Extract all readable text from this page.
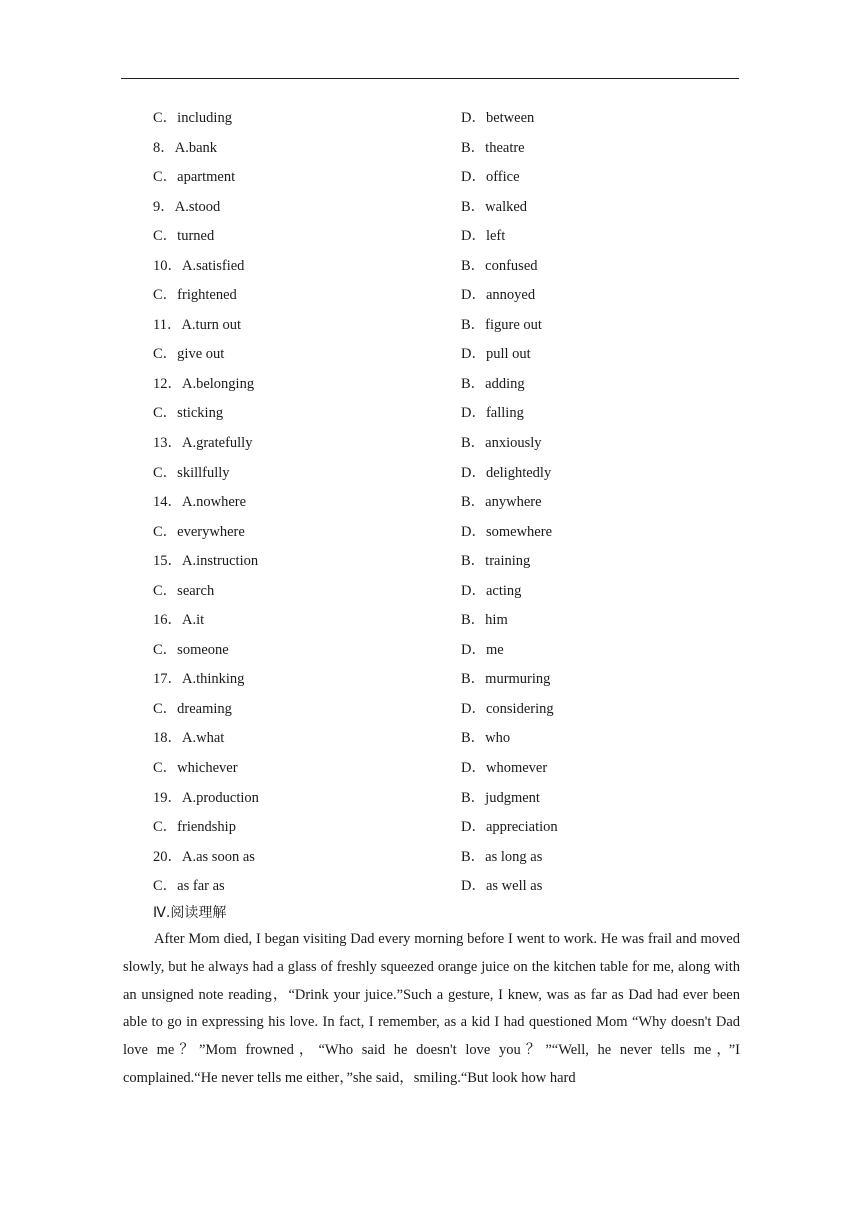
C．including	D．between
8．A.bank	B．theatre
C．apartment	D．office
9．A.stood	B．walked
C．turned	D．left
10．A.satisfied	B．confused
C．frightened	D．annoyed
11．A.turn out	B．figure out
C．give out	D．pull out
12．A.belonging	B．adding
C．sticking	D．falling
13．A.gratefully	B．anxiously
C．skillfully	D．delightedly
14．A.nowhere	B．anywhere
C．everywhere	D．somewhere
15．A.instruction	B．training
C．search	D．acting
16．A.it	B．him
C．someone	D．me
17．A.thinking	B．murmuring
C．dreaming	D．considering
18．A.what	B．who
C．whichever	D．whomever
19．A.production	B．judgment
C．friendship	D．appreciation
20．A.as soon as	B．as long as
C．as far as	D．as well as
Ⅳ.阅读理解

After Mom died, I began visiting Dad every morning before I went to work. He was frail and moved slowly, but he always had a glass of freshly squeezed orange juice on the kitchen table for me, along with an unsigned note reading，“Drink your juice.”Such a gesture, I knew, was as far as Dad had ever been able to go in expressing his love. In fact, I remember, as a kid I had questioned Mom “Why doesn't Dad love me？”Mom frowned，“Who said he doesn't love you？”“Well, he never tells me，”I complained.“He never tells me either，”she said，smiling.“But look how hard
